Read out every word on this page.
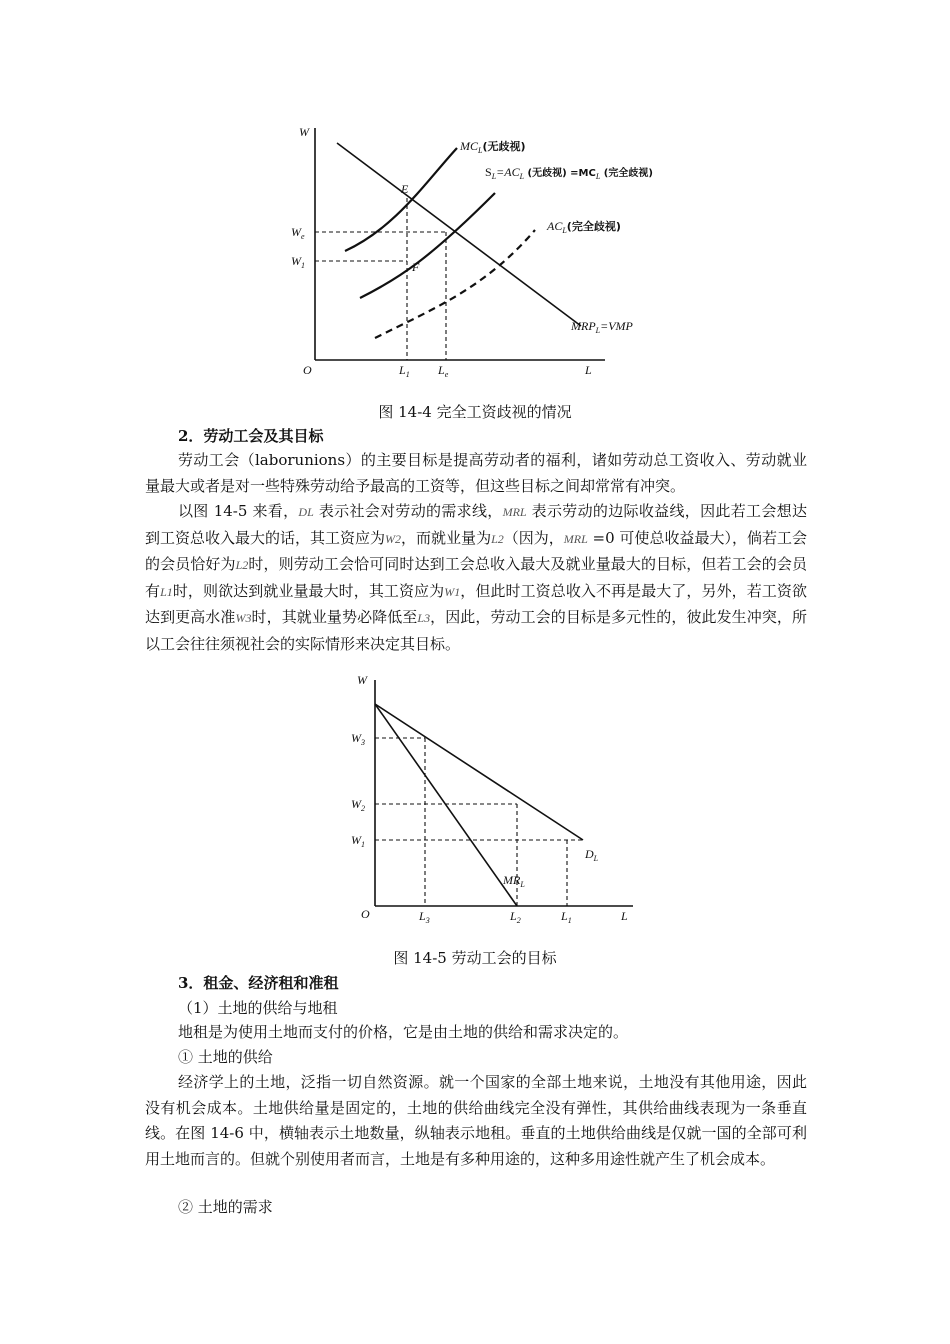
W
O	L
$W_e$
$W_1$
$L_1$ $L_e$
E
F
$MC_L$(无歧视)
$S_L=AC_L$ $^{(无歧视) =MC}_L$ $^{(完全歧视)}$
$AC_L$(完全歧视)
$MRP_L=VMP$
图 14-4 完全工资歧视的情况
2．劳动工会及其目标
劳动工会（laborunions）的主要目标是提高劳动者的福利，诸如劳动总工资收入、劳动就业量最大或者是对一些特殊劳动给予最高的工资等，但这些目标之间却常常有冲突。
以图 14-5 来看，DL 表示社会对劳动的需求线，MRL 表示劳动的边际收益线，因此若工会想达到工资总收入最大的话，其工资应为W2，而就业量为L2（因为，MRL =0 可使总收益最大），倘若工会的会员恰好为L2时，则劳动工会恰可同时达到工会总收入最大及就业量最大的目标，但若工会的会员有L1时，则欲达到就业量最大时，其工资应为W1，但此时工资总收入不再是最大了，另外，若工资欲达到更高水准W3时，其就业量势必降低至L3，因此，劳动工会的目标是多元性的，彼此发生冲突，所以工会往往须视社会的实际情形来决定其目标。
W
O	L
$W_3$
$W_2$
$W_1$
$L_3$	$L_2$	$L_1$
$D_L$
$MR_L$
图 14-5 劳动工会的目标
3．租金、经济租和准租
（1）土地的供给与地租
地租是为使用土地而支付的价格，它是由土地的供给和需求决定的。
① 土地的供给
经济学上的土地，泛指一切自然资源。就一个国家的全部土地来说，土地没有其他用途，因此没有机会成本。土地供给量是固定的，土地的供给曲线完全没有弹性，其供给曲线表现为一条垂直线。在图 14-6 中，横轴表示土地数量，纵轴表示地租。垂直的土地供给曲线是仅就一国的全部可利用土地而言的。但就个别使用者而言，土地是有多种用途的，这种多用途性就产生了机会成本。
② 土地的需求
